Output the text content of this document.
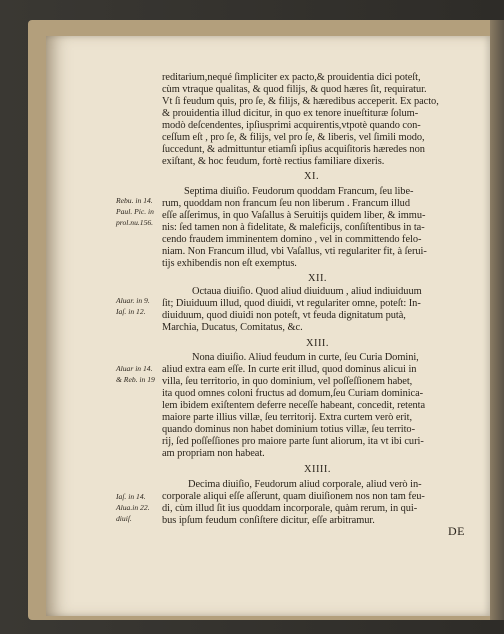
reditarium,nequé ſimpliciter ex pacto,& prouidentia dici poteſt,
cùm vtraque qualitas, & quod filijs, & quod hæres ſit, requiratur.
Vt ſi feudum quis, pro ſe, & filijs, & hæredibus acceperit. Ex pacto,
& prouidentia illud dicitur, in quo ex tenore inueſtituræ ſolum-
modò deſcendentes, ipſiusprimi acquirentis,vtpotè quando con-
ceſſum eſt , pro ſe, & filijs, vel pro ſe, & liberis, vel ſimili modo,
ſuccedunt, & admittuntur etiamſi ipſius acquiſitoris hæredes non
exiſtant, & hoc feudum, fortè rectius familiare dixeris.
XI.
Rebu. in 14.
Paul. Pic. in
prol.nu.156.
Septima diuiſio. Feudorum quoddam Francum, ſeu libe-
rum, quoddam non francum ſeu non liberum . Francum illud
eſſe aſſerimus, in quo Vaſallus à Seruitijs quidem liber, & immu-
nis: ſed tamen non à fidelitate, & maleficijs, conſiſtentibus in ta-
cendo fraudem imminentem domino , vel in committendo felo-
niam. Non Francum illud, vbi Vaſallus, vti regulariter fit, à ſerui-
tijs exhibendis non eſt exemptus.
XII.
Aluar. in 9.
Iaſ. in 12.
Octaua diuiſio. Quod aliud diuiduum , aliud indiuiduum
ſit; Diuiduum illud, quod diuidi, vt regulariter omne, poteſt: In-
diuiduum, quod diuidi non poteſt, vt feuda dignitatum putà,
Marchia, Ducatus, Comitatus, &c.
XIII.
Aluar in 14.
& Reb. in 19
Nona diuiſio. Aliud feudum in curte, ſeu Curia Domini,
aliud extra eam eſſe. In curte erit illud, quod dominus alicui in
villa, ſeu territorio, in quo dominium, vel poſſeſſionem habet,
ita quod omnes coloni fructus ad domum,ſeu Curiam dominica-
lem ibidem exiſtentem deferre neceſſe habeant, concedit, retenta
maiore parte illius villæ, ſeu territorij. Extra curtem verò erit,
quando dominus non habet dominium totius villæ, ſeu territo-
rij, ſed poſſeſſiones pro maiore parte ſunt aliorum, ita vt ibi curi-
am propriam non habeat.
XIIII.
Iaſ. in 14.
Alua.in 22.
diuiſ.
Decima diuiſio, Feudorum aliud corporale, aliud verò in-
corporale aliqui eſſe aſſerunt, quam diuiſionem nos non tam feu-
di, cùm illud ſit ius quoddam incorporale, quàm rerum, in qui-
bus ipſum feudum conſiſtere dicitur, eſſe arbitramur.
DE
